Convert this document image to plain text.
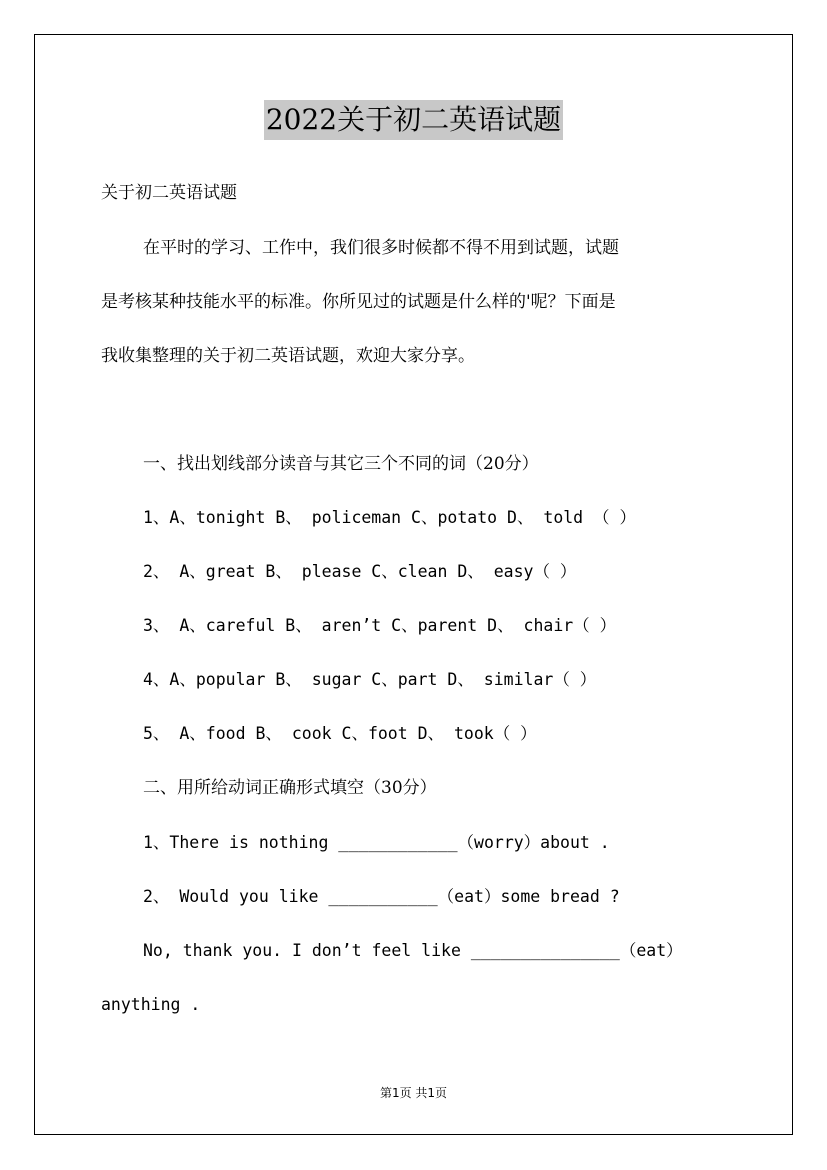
2022关于初二英语试题

关于初二英语试题

在平时的学习、工作中，我们很多时候都不得不用到试题，试题

是考核某种技能水平的标准。你所见过的试题是什么样的'呢？下面是

我收集整理的关于初二英语试题，欢迎大家分享。

一、找出划线部分读音与其它三个不同的词（20分）

1、A、tonight B、 policeman C、potato D、 told （ ）

2、 A、great B、 please C、clean D、 easy（ ）

3、 A、careful B、 aren’t C、parent D、 chair（ ）

4、A、popular B、 sugar C、part D、 similar（ ）

5、 A、food B、 cook C、foot D、 took（ ）

二、用所给动词正确形式填空（30分）

1、There is nothing ____________（worry）about .

2、 Would you like ___________（eat）some bread ?

No, thank you. I don’t feel like _______________（eat）

anything .

第1页 共1页
